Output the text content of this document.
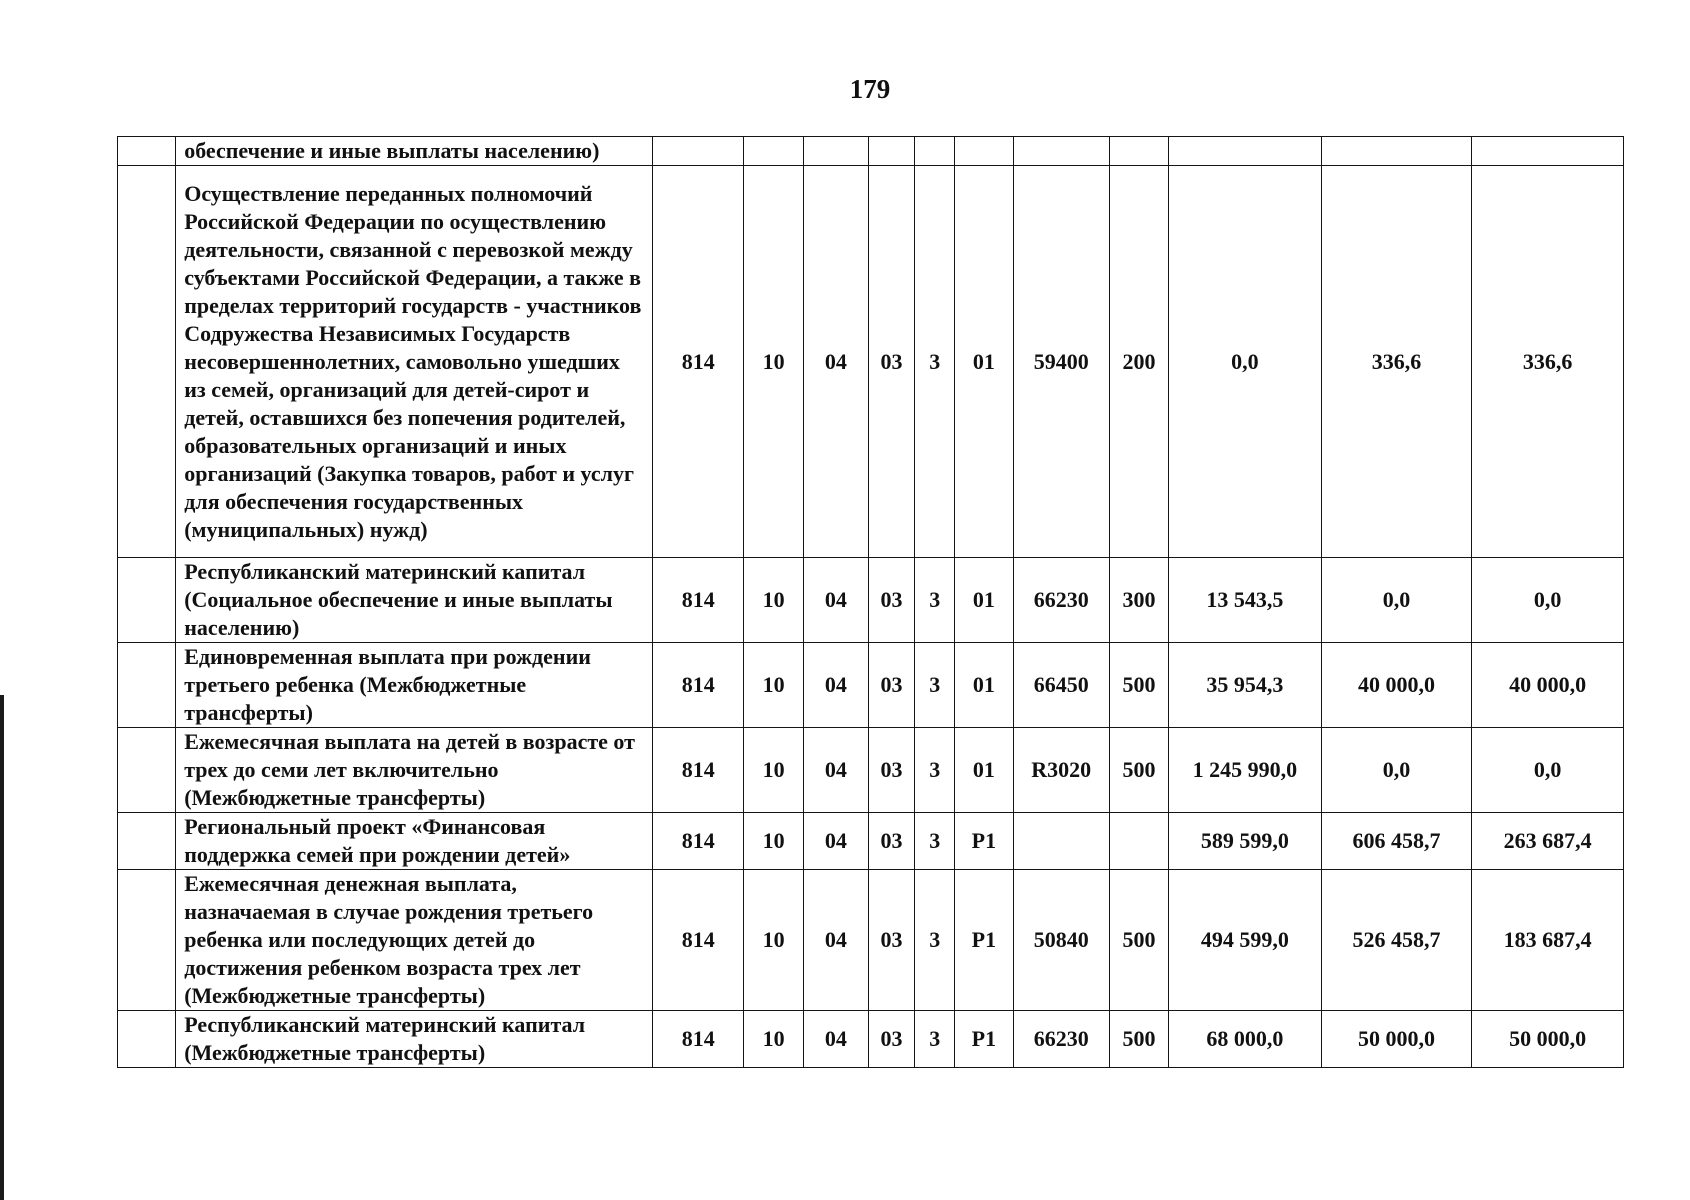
179
	обеспечение и иные выплаты населению)											
	Осуществление переданных полномочий Российской Федерации по осуществлению деятельности, связанной с перевозкой между субъектами Российской Федерации, а также в пределах территорий государств - участников Содружества Независимых Государств несовершеннолетних, самовольно ушедших из семей, организаций для детей-сирот и детей, оставшихся без попечения родителей, образовательных организаций и иных организаций (Закупка товаров, работ и услуг для обеспечения государственных (муниципальных) нужд)	814	10	04	03	3	01	59400	200	0,0	336,6	336,6
	Республиканский материнский капитал (Социальное обеспечение и иные выплаты населению)	814	10	04	03	3	01	66230	300	13 543,5	0,0	0,0
	Единовременная выплата при рождении третьего ребенка (Межбюджетные трансферты)	814	10	04	03	3	01	66450	500	35 954,3	40 000,0	40 000,0
	Ежемесячная выплата на детей в возрасте от трех до семи лет включительно (Межбюджетные трансферты)	814	10	04	03	3	01	R3020	500	1 245 990,0	0,0	0,0
	Региональный проект «Финансовая поддержка семей при рождении детей»	814	10	04	03	3	P1			589 599,0	606 458,7	263 687,4
	Ежемесячная денежная выплата, назначаемая в случае рождения третьего ребенка или последующих детей до достижения ребенком возраста трех лет (Межбюджетные трансферты)	814	10	04	03	3	P1	50840	500	494 599,0	526 458,7	183 687,4
	Республиканский материнский капитал (Межбюджетные трансферты)	814	10	04	03	3	P1	66230	500	68 000,0	50 000,0	50 000,0
